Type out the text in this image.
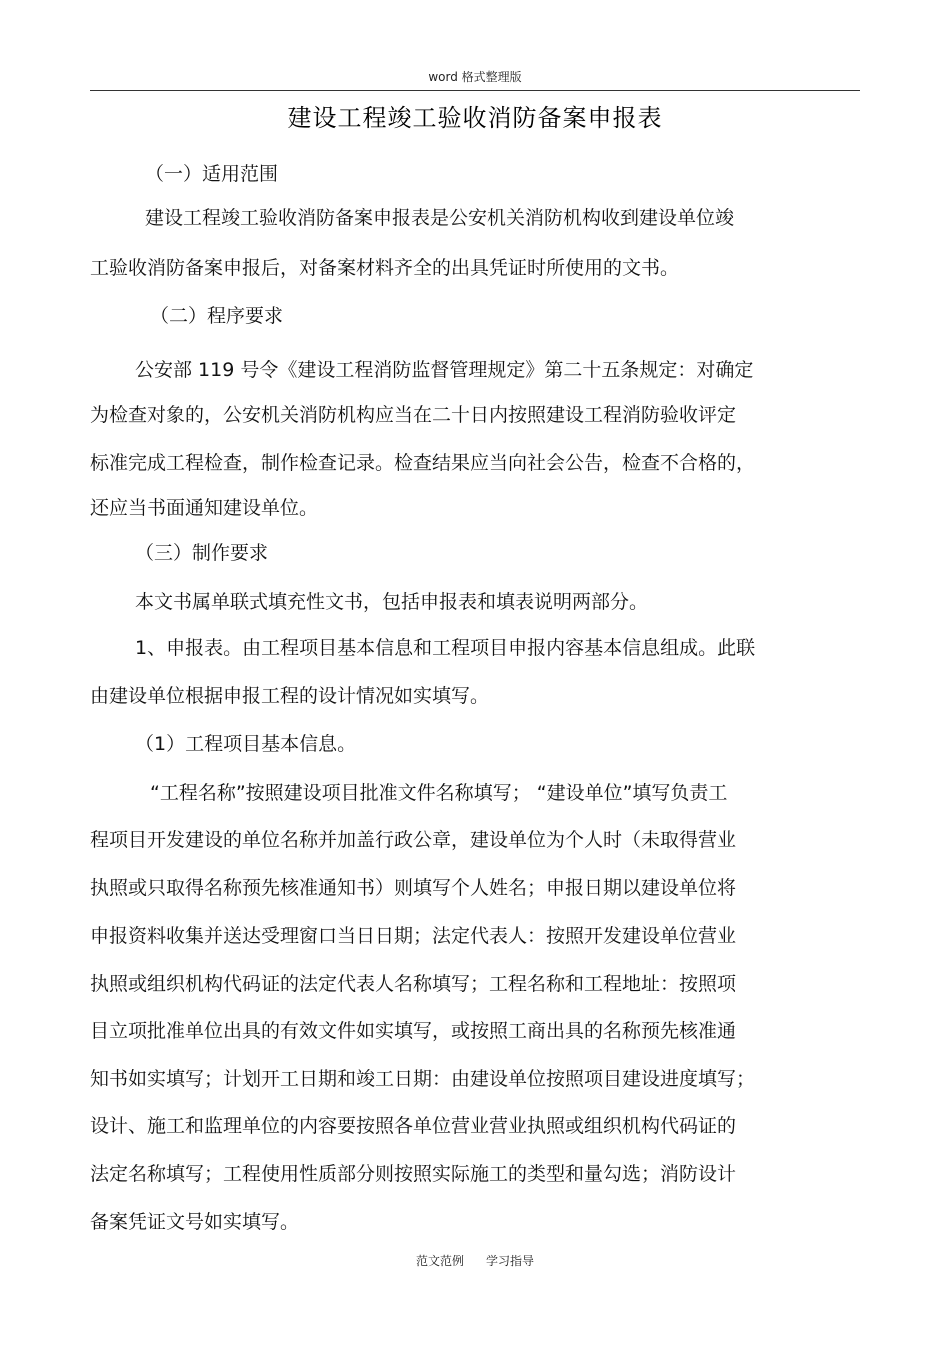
word 格式整理版
建设工程竣工验收消防备案申报表
（一）适用范围
建设工程竣工验收消防备案申报表是公安机关消防机构收到建设单位竣
工验收消防备案申报后，对备案材料齐全的出具凭证时所使用的文书。
（二）程序要求
公安部 119 号令《建设工程消防监督管理规定》第二十五条规定：对确定
为检查对象的，公安机关消防机构应当在二十日内按照建设工程消防验收评定
标准完成工程检查，制作检查记录。检查结果应当向社会公告，检查不合格的，
还应当书面通知建设单位。
（三）制作要求
本文书属单联式填充性文书，包括申报表和填表说明两部分。
1、申报表。由工程项目基本信息和工程项目申报内容基本信息组成。此联
由建设单位根据申报工程的设计情况如实填写。
（1）工程项目基本信息。
“工程名称”按照建设项目批准文件名称填写； “建设单位”填写负责工
程项目开发建设的单位名称并加盖行政公章，建设单位为个人时（未取得营业
执照或只取得名称预先核准通知书）则填写个人姓名；申报日期以建设单位将
申报资料收集并送达受理窗口当日日期；法定代表人：按照开发建设单位营业
执照或组织机构代码证的法定代表人名称填写；工程名称和工程地址：按照项
目立项批准单位出具的有效文件如实填写，或按照工商出具的名称预先核准通
知书如实填写；计划开工日期和竣工日期：由建设单位按照项目建设进度填写；
设计、施工和监理单位的内容要按照各单位营业营业执照或组织机构代码证的
法定名称填写；工程使用性质部分则按照实际施工的类型和量勾选；消防设计
备案凭证文号如实填写。
范文范例 学习指导
